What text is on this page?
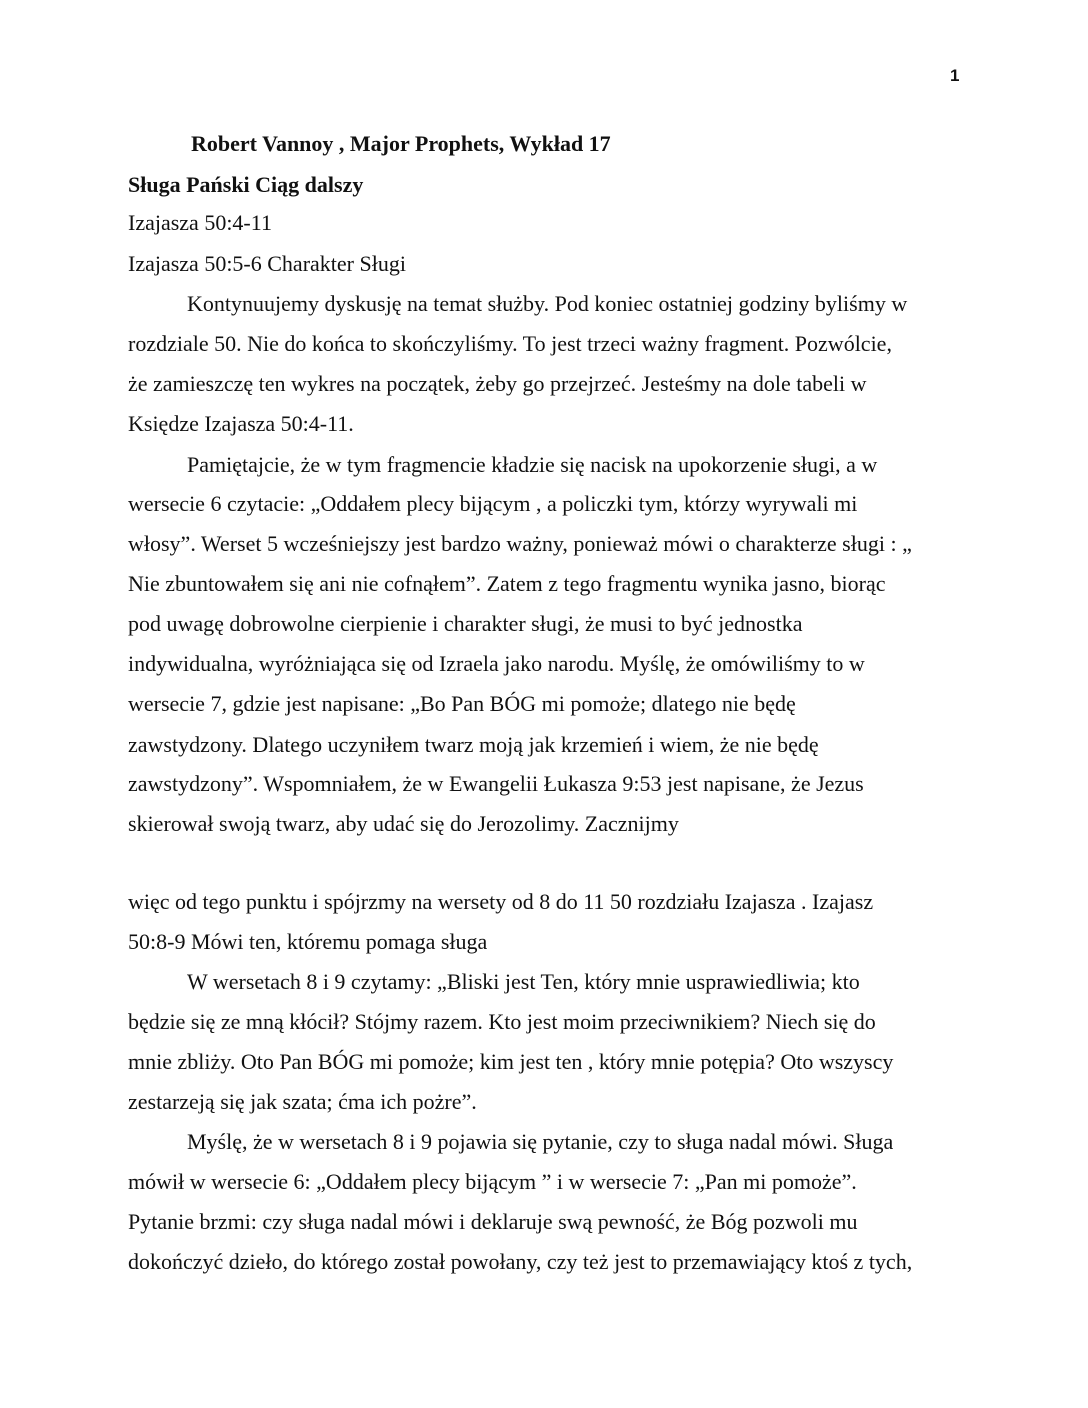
1
Robert Vannoy , Major Prophets, Wykład 17
Sługa Pański Ciąg dalszy
Izajasza 50:4-11
Izajasza 50:5-6 Charakter Sługi
Kontynuujemy dyskusję na temat służby. Pod koniec ostatniej godziny byliśmy w
rozdziale 50. Nie do końca to skończyliśmy. To jest trzeci ważny fragment. Pozwólcie,
że zamieszczę ten wykres na początek, żeby go przejrzeć. Jesteśmy na dole tabeli w
Księdze Izajasza 50:4-11.
Pamiętajcie, że w tym fragmencie kładzie się nacisk na upokorzenie sługi, a w
wersecie 6 czytacie: „Oddałem plecy bijącym , a policzki tym, którzy wyrywali mi
włosy”. Werset 5 wcześniejszy jest bardzo ważny, ponieważ mówi o charakterze sługi : „
Nie zbuntowałem się ani nie cofnąłem”. Zatem z tego fragmentu wynika jasno, biorąc
pod uwagę dobrowolne cierpienie i charakter sługi, że musi to być jednostka
indywidualna, wyróżniająca się od Izraela jako narodu. Myślę, że omówiliśmy to w
wersecie 7, gdzie jest napisane: „Bo Pan BÓG mi pomoże; dlatego nie będę
zawstydzony. Dlatego uczyniłem twarz moją jak krzemień i wiem, że nie będę
zawstydzony”. Wspomniałem, że w Ewangelii Łukasza 9:53 jest napisane, że Jezus
skierował swoją twarz, aby udać się do Jerozolimy. Zacznijmy
więc od tego punktu i spójrzmy na wersety od 8 do 11 50 rozdziału Izajasza . Izajasz
50:8-9 Mówi ten, któremu pomaga sługa
W wersetach 8 i 9 czytamy: „Bliski jest Ten, który mnie usprawiedliwia; kto
będzie się ze mną kłócił? Stójmy razem. Kto jest moim przeciwnikiem? Niech się do
mnie zbliży. Oto Pan BÓG mi pomoże; kim jest ten , który mnie potępia? Oto wszyscy
zestarzeją się jak szata; ćma ich pożre”.
Myślę, że w wersetach 8 i 9 pojawia się pytanie, czy to sługa nadal mówi. Sługa
mówił w wersecie 6: „Oddałem plecy bijącym ” i w wersecie 7: „Pan mi pomoże”.
Pytanie brzmi: czy sługa nadal mówi i deklaruje swą pewność, że Bóg pozwoli mu
dokończyć dzieło, do którego został powołany, czy też jest to przemawiający ktoś z tych,
